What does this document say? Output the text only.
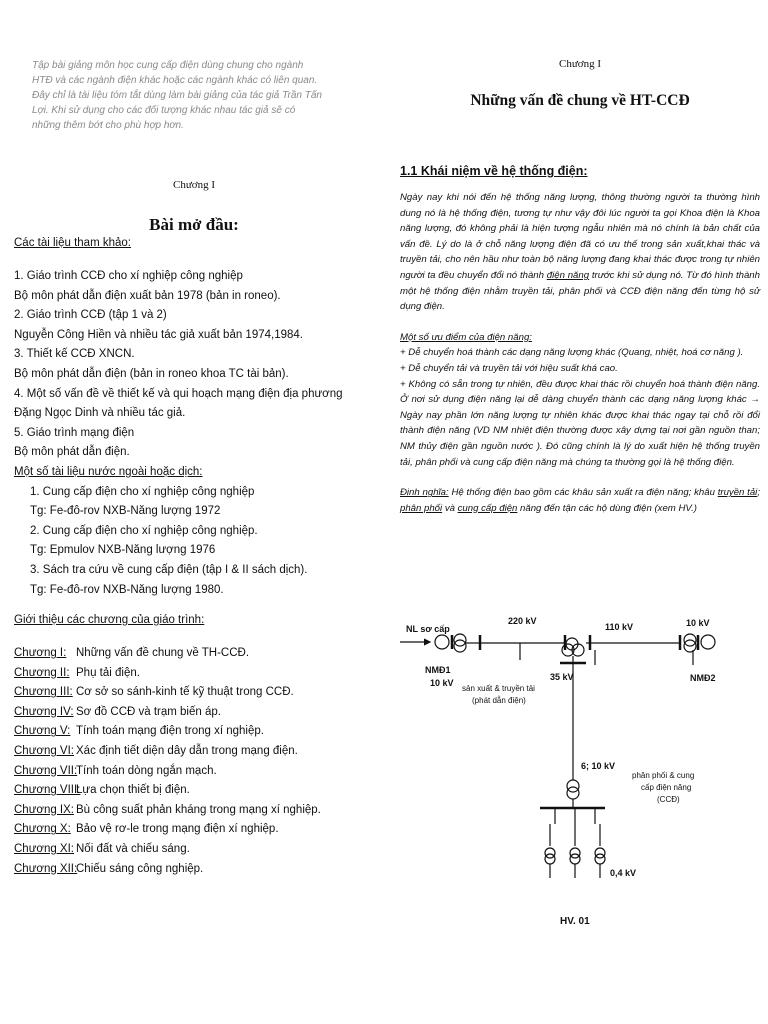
Tập bài giảng môn học cung cấp điện dùng chung cho ngành HTĐ và các ngành điện khác hoặc các ngành khác có liên quan. Đây chỉ là tài liệu tóm tắt dùng làm bài giảng của tác giả Trần Tấn Lợi. Khi sử dụng cho các đối tượng khác nhau tác giả sẽ có những thêm bớt cho phù hợp hơn.

Chương I

Bài mở đầu:

Các tài liệu tham khảo:

1. Giáo trình CCĐ cho xí nghiệp công nghiệp
Bộ môn phát dẫn điện xuất bản 1978 (bản in roneo).
2. Giáo trình CCĐ (tập 1 và 2)
Nguyễn Công Hiền và nhiều tác giả xuất bản 1974,1984.
3. Thiết kế CCĐ XNCN.
Bộ môn phát dẫn điện (bản in roneo khoa TC tài bản).
4. Một số vấn đề về thiết kế và qui hoạch mạng điện địa phương
Đặng Ngọc Dinh và nhiều tác giả.
5. Giáo trình mạng điện
Bộ môn phát dẫn điện.
Một số tài liệu nước ngoài hoặc dịch:
1. Cung cấp điện cho xí nghiệp công nghiệp
Tg: Fe-đô-rov NXB-Năng lượng 1972
2. Cung cấp điện cho xí nghiệp công nghiệp.
Tg: Epmulov NXB-Năng lượng 1976
3. Sách tra cứu về cung cấp điện (tập I & II sách dịch).
Tg: Fe-đô-rov NXB-Năng lượng 1980.

Giới thiệu các chương của giáo trình:

Chương I: Những vấn đề chung về TH-CCĐ.
Chương II: Phụ tải điện.
Chương III: Cơ sở so sánh-kinh tế kỹ thuật trong CCĐ.
Chương IV: Sơ đồ CCĐ và trạm biến áp.
Chương V: Tính toán mạng điện trong xí nghiệp.
Chương VI: Xác định tiết diện dây dẫn trong mạng điện.
Chương VII:
Tính toán dòng ngắn mạch.
Chương VIII:
Lựa chọn thiết bị điện.
Chương IX: Bù công suất phản kháng trong mạng xí nghiệp.
Chương X: Bảo vệ rơ-le trong mạng điện xí nghiệp.
Chương XI: Nối đất và chiếu sáng.
Chương XII:
Chiếu sáng công nghiệp.

Chương I

Những vấn đề chung về HT-CCĐ

1.1 Khái niệm về hệ thống điện:

Ngày nay khi nói đến hệ thống năng lượng, thông thường người ta thường hình dung nó là hệ thống điện, tương tự như vậy đôi lúc người ta gọi Khoa điện là Khoa năng lượng, đó không phải là hiện tượng ngẫu nhiên mà nó chính là bản chất của vấn đề. Lý do là ở chỗ năng lượng điện đã có ưu thế trong sản xuất,khai thác và truyền tải, cho nên hầu như toàn bộ năng lượng đang khai thác được trong tự nhiên người ta đều chuyển đổi nó thành điện năng trước khi sử dụng nó. Từ đó hình thành một hệ thống điện nhằm truyền tải, phân phối và CCĐ điện năng đến từng hộ sử dụng điện.

Một số ưu điểm của điện năng:

+ Dễ chuyển hoá thành các dạng năng lượng khác (Quang, nhiệt, hoá cơ năng ).

+ Dễ chuyển tải và truyền tải với hiệu suất khá cao.

+ Không có sẵn trong tự nhiên, đều được khai thác rồi chuyển hoá thành điện năng. Ở nơi sử dụng điện năng lại dễ dàng chuyển thành các dạng năng lượng khác → Ngày nay phần lớn năng lượng tự nhiên khác được khai thác ngay tại chỗ rồi đổi thành điện năng (VD NM nhiệt điện thường được xây dựng tại nơi gần nguồn than; NM thủy điện gần nguồn nước ). Đó cũng chính là lý do xuất hiện hệ thống truyền tải, phân phối và cung cấp điện năng mà chúng ta thường gọi là hệ thống điện.

Định nghĩa: Hệ thống điện bao gồm các khâu sản xuất ra điện năng; khâu truyền tải; phân phối và cung cấp điện năng đến tận các hộ dùng điện (xem HV.)

NL sơ cấp
220 kV
110 kV	10 kV
NMĐ1
10 kV
35 kV	NMĐ2
sản xuất & truyền tải
(phát dẫn điện)
6; 10 kV
phân phối & cung
cấp điện năng
(CCĐ)
0,4 kV
HV. 01
